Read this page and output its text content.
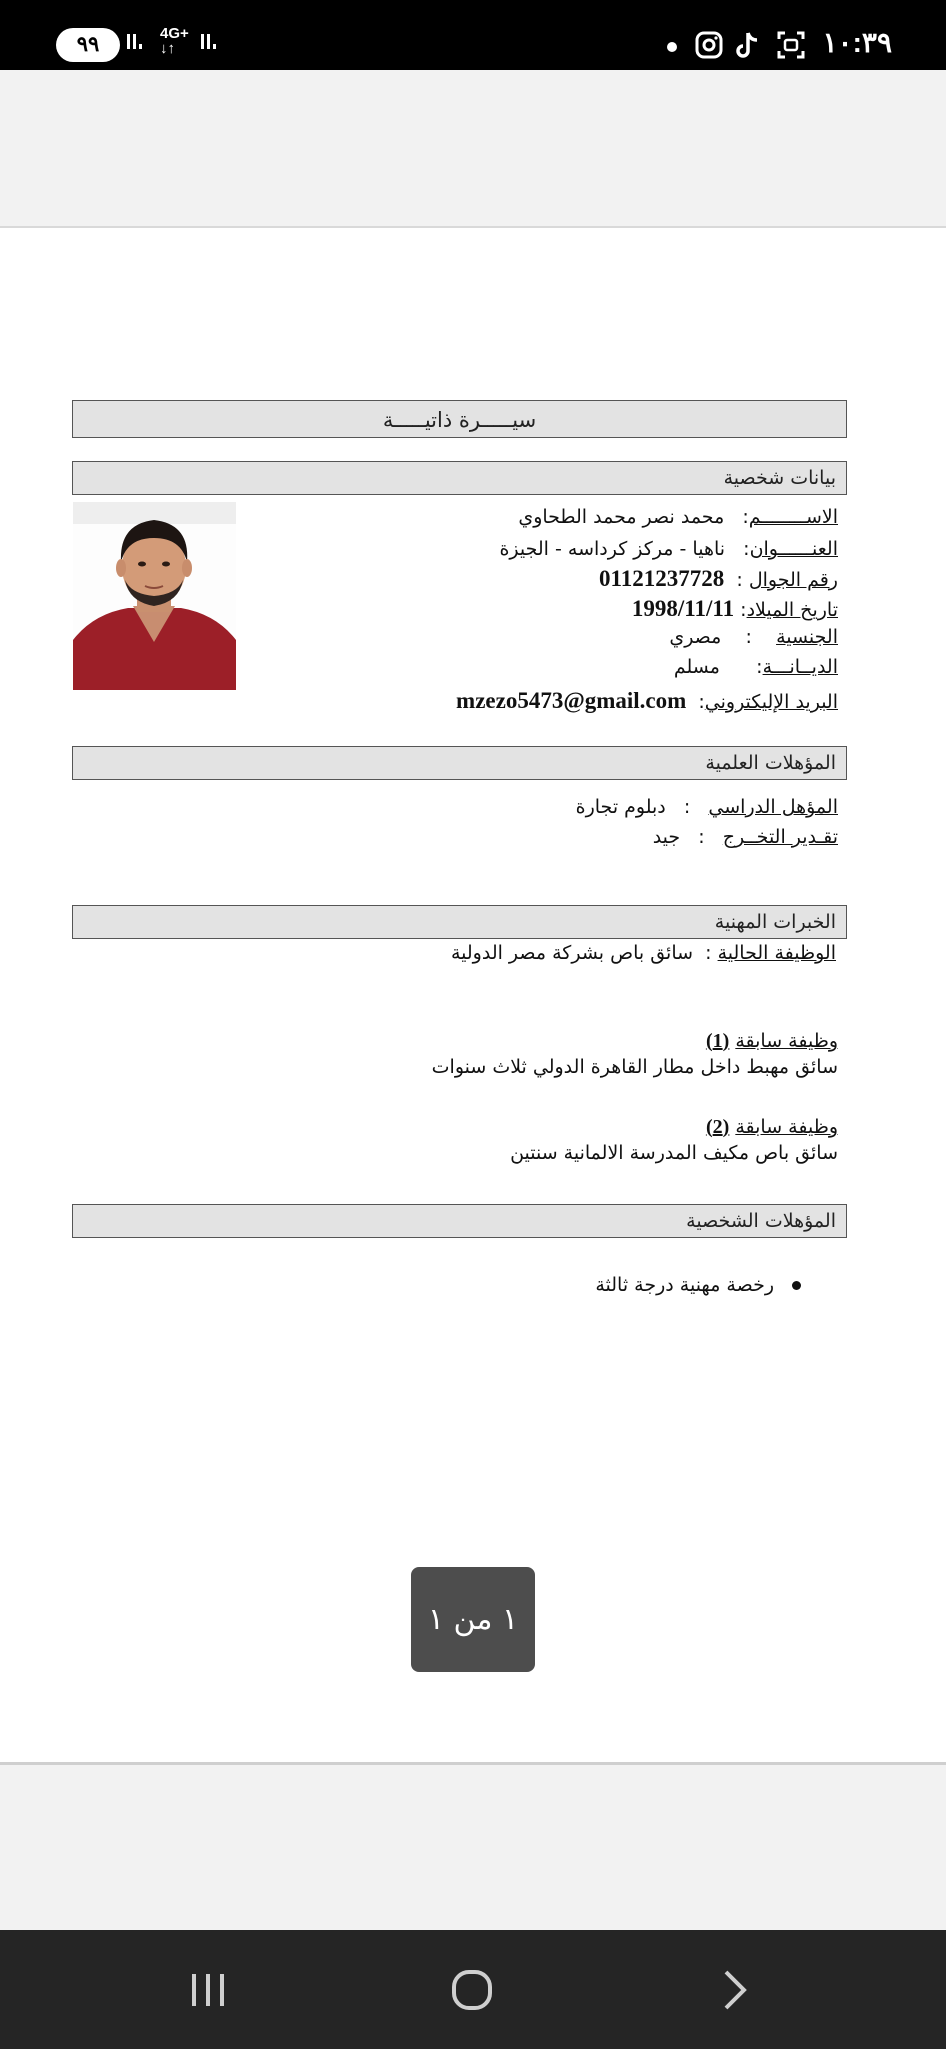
٩٩	4G+
↓↑	١٠:٣٩
سيـــــرة ذاتيـــــة
بيانات شخصية
الاســــــــم:   محمد نصر محمد الطحاوي
العنــــــوان:   ناهيا - مركز كرداسه - الجيزة
رقم الجوال :  01121237728
تاريخ الميلاد: 1998/11/11
الجنسية    :    مصري
الديــانـــة:      مسلم
البريد الإليكتروني:  mzezo5473@gmail.com
المؤهلات العلمية
المؤهل الدراسي   :   دبلوم تجارة
تقـدير التخــرج   :   جيد
الخبرات المهنية
الوظيفة الحالية :  سائق باص بشركة مصر الدولية
وظيفة سابقة (1)
سائق مهبط داخل مطار القاهرة الدولي ثلاث سنوات
وظيفة سابقة (2)
سائق باص مكيف المدرسة الالمانية سنتين
المؤهلات الشخصية
رخصة مهنية درجة ثالثة
١ من ١
